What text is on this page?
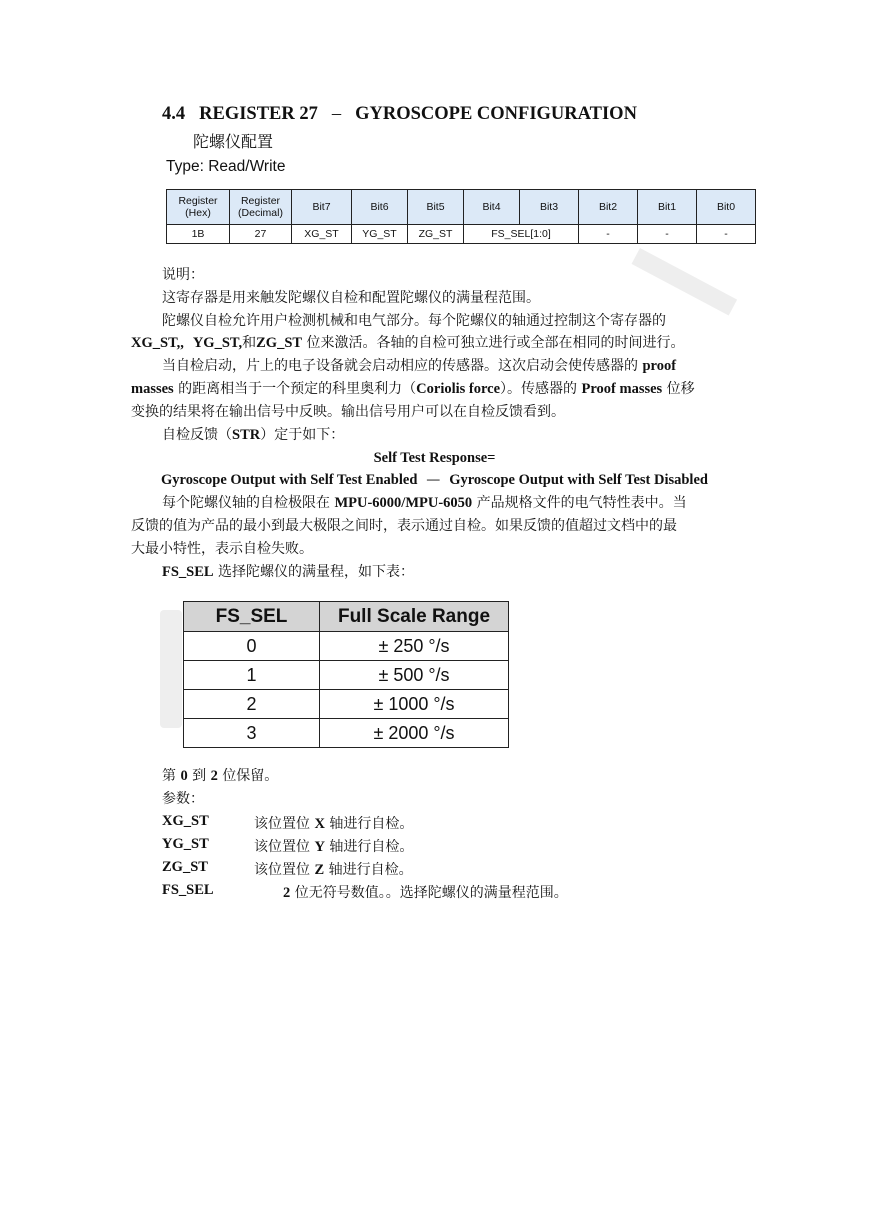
4.4 REGISTER 27 – GYROSCOPE CONFIGURATION
陀螺仪配置
Type: Read/Write
Register
(Hex)	Register
(Decimal)	Bit7	Bit6	Bit5	Bit4	Bit3	Bit2	Bit1	Bit0
1B	27	XG_ST	YG_ST	ZG_ST	FS_SEL[1:0]		-	-	-
说明：
这寄存器是用来触发陀螺仪自检和配置陀螺仪的满量程范围。
陀螺仪自检允许用户检测机械和电气部分。每个陀螺仪的轴通过控制这个寄存器的
XG_ST,, YG_ST,和ZG_ST 位来激活。各轴的自检可独立进行或全部在相同的时间进行。
当自检启动，片上的电子设备就会启动相应的传感器。这次启动会使传感器的 proof
masses 的距离相当于一个预定的科里奥利力（Coriolis force）。传感器的 Proof masses 位移
变换的结果将在输出信号中反映。输出信号用户可以在自检反馈看到。
自检反馈（STR）定于如下：
Self Test Response=
Gyroscope Output with Self Test Enabled — Gyroscope Output with Self Test Disabled
每个陀螺仪轴的自检极限在 MPU-6000/MPU-6050 产品规格文件的电气特性表中。当
反馈的值为产品的最小到最大极限之间时，表示通过自检。如果反馈的值超过文档中的最
大最小特性，表示自检失败。
FS_SEL 选择陀螺仪的满量程，如下表：
FS_SEL	Full Scale Range
0	± 250 °/s
1	± 500 °/s
2	± 1000 °/s
3	± 2000 °/s
第 0 到 2 位保留。
参数：
XG_ST	该位置位 X 轴进行自检。
YG_ST	该位置位 Y 轴进行自检。
ZG_ST	该位置位 Z 轴进行自检。
FS_SEL	2 位无符号数值。。选择陀螺仪的满量程范围。
